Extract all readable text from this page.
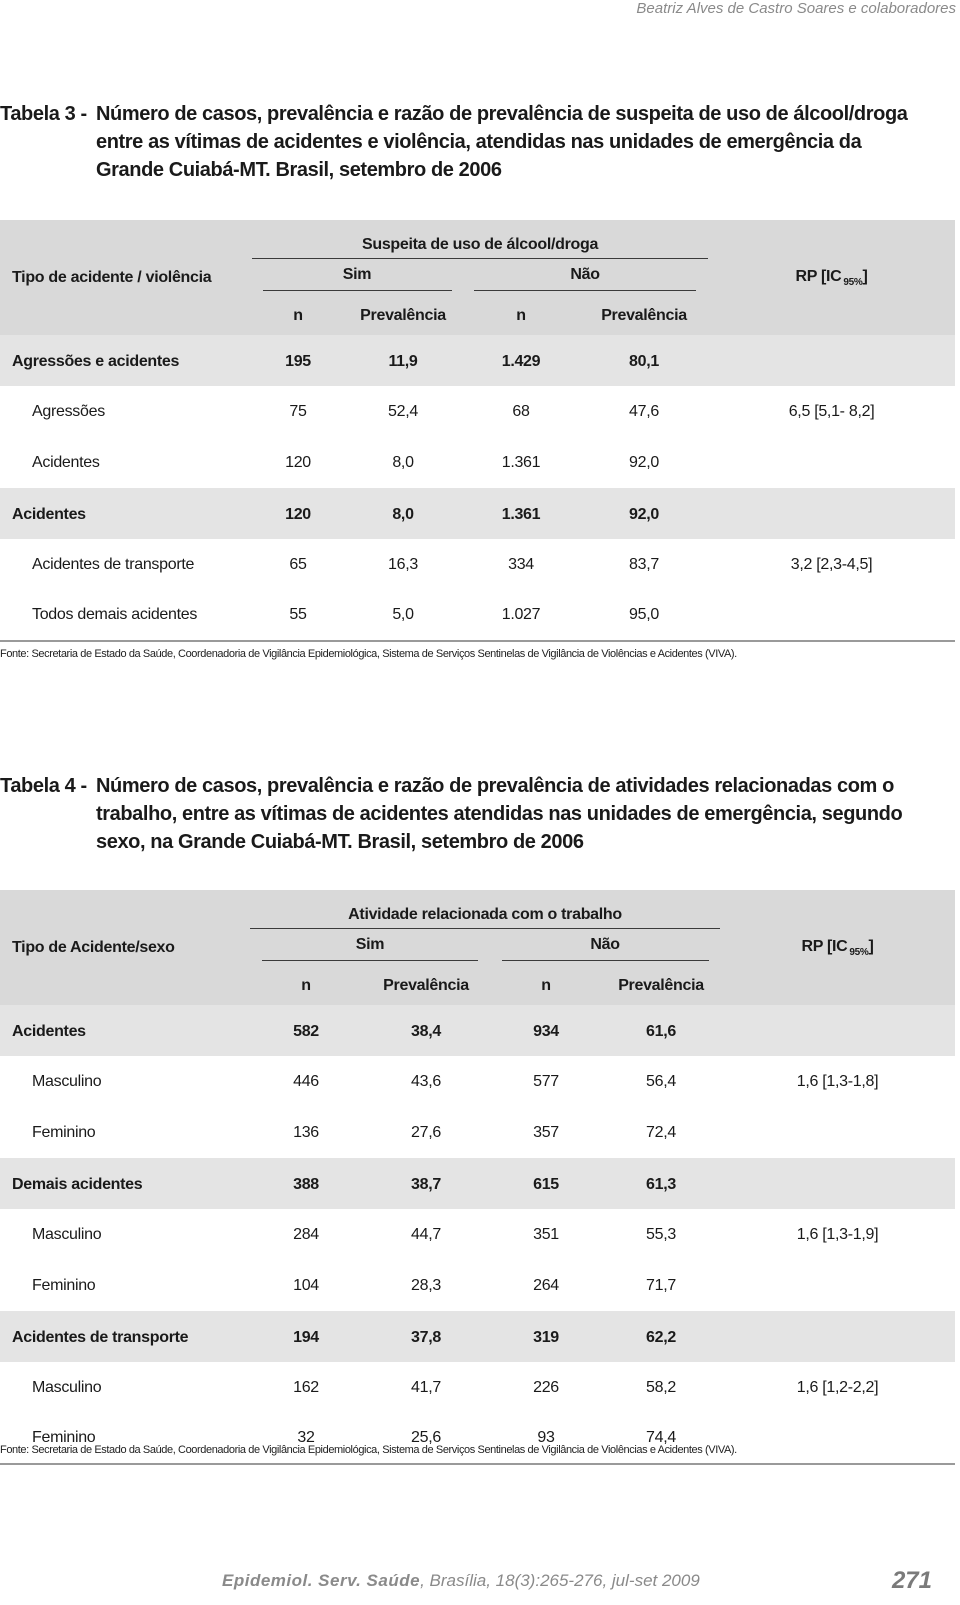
Beatriz Alves de Castro Soares e colaboradores
Tabela 3 - Número de casos, prevalência e razão de prevalência de suspeita de uso de álcool/droga entre as vítimas de acidentes e violência, atendidas nas unidades de emergência da Grande Cuiabá-MT. Brasil, setembro de 2006
	Suspeita de uso de álcool/droga				
Tipo de acidente / violência	Sim		Não		RP [IC $_{95\%}$]
	n	Prevalência	n	Prevalência	
Agressões e acidentes	195	11,9	1.429	80,1	
Agressões	75	52,4	68	47,6	6,5 [5,1- 8,2]
Acidentes	120	8,0	1.361	92,0	
Acidentes	120	8,0	1.361	92,0	
Acidentes de transporte	65	16,3	334	83,7	3,2 [2,3-4,5]
Todos demais acidentes	55	5,0	1.027	95,0	
Fonte: Secretaria de Estado da Saúde, Coordenadoria de Vigilância Epidemiológica, Sistema de Serviços Sentinelas de Vigilância de Violências e Acidentes (VIVA).
Tabela 4 - Número de casos, prevalência e razão de prevalência de atividades relacionadas com o trabalho, entre as vítimas de acidentes atendidas nas unidades de emergência, segundo sexo, na Grande Cuiabá-MT. Brasil, setembro de 2006
	Atividade relacionada com o trabalho				
Tipo de Acidente/sexo	Sim		Não		RP [IC $_{95\%}$]
	n	Prevalência	n	Prevalência	
Acidentes	582	38,4	934	61,6	
Masculino	446	43,6	577	56,4	1,6 [1,3-1,8]
Feminino	136	27,6	357	72,4	
Demais acidentes	388	38,7	615	61,3	
Masculino	284	44,7	351	55,3	1,6 [1,3-1,9]
Feminino	104	28,3	264	71,7	
Acidentes de transporte	194	37,8	319	62,2	
Masculino	162	41,7	226	58,2	1,6 [1,2-2,2]
Feminino	32	25,6	93	74,4	
Fonte: Secretaria de Estado da Saúde, Coordenadoria de Vigilância Epidemiológica, Sistema de Serviços Sentinelas de Vigilância de Violências e Acidentes (VIVA).
Epidemiol. Serv. Saúde, Brasília, 18(3):265-276, jul-set 2009	271
